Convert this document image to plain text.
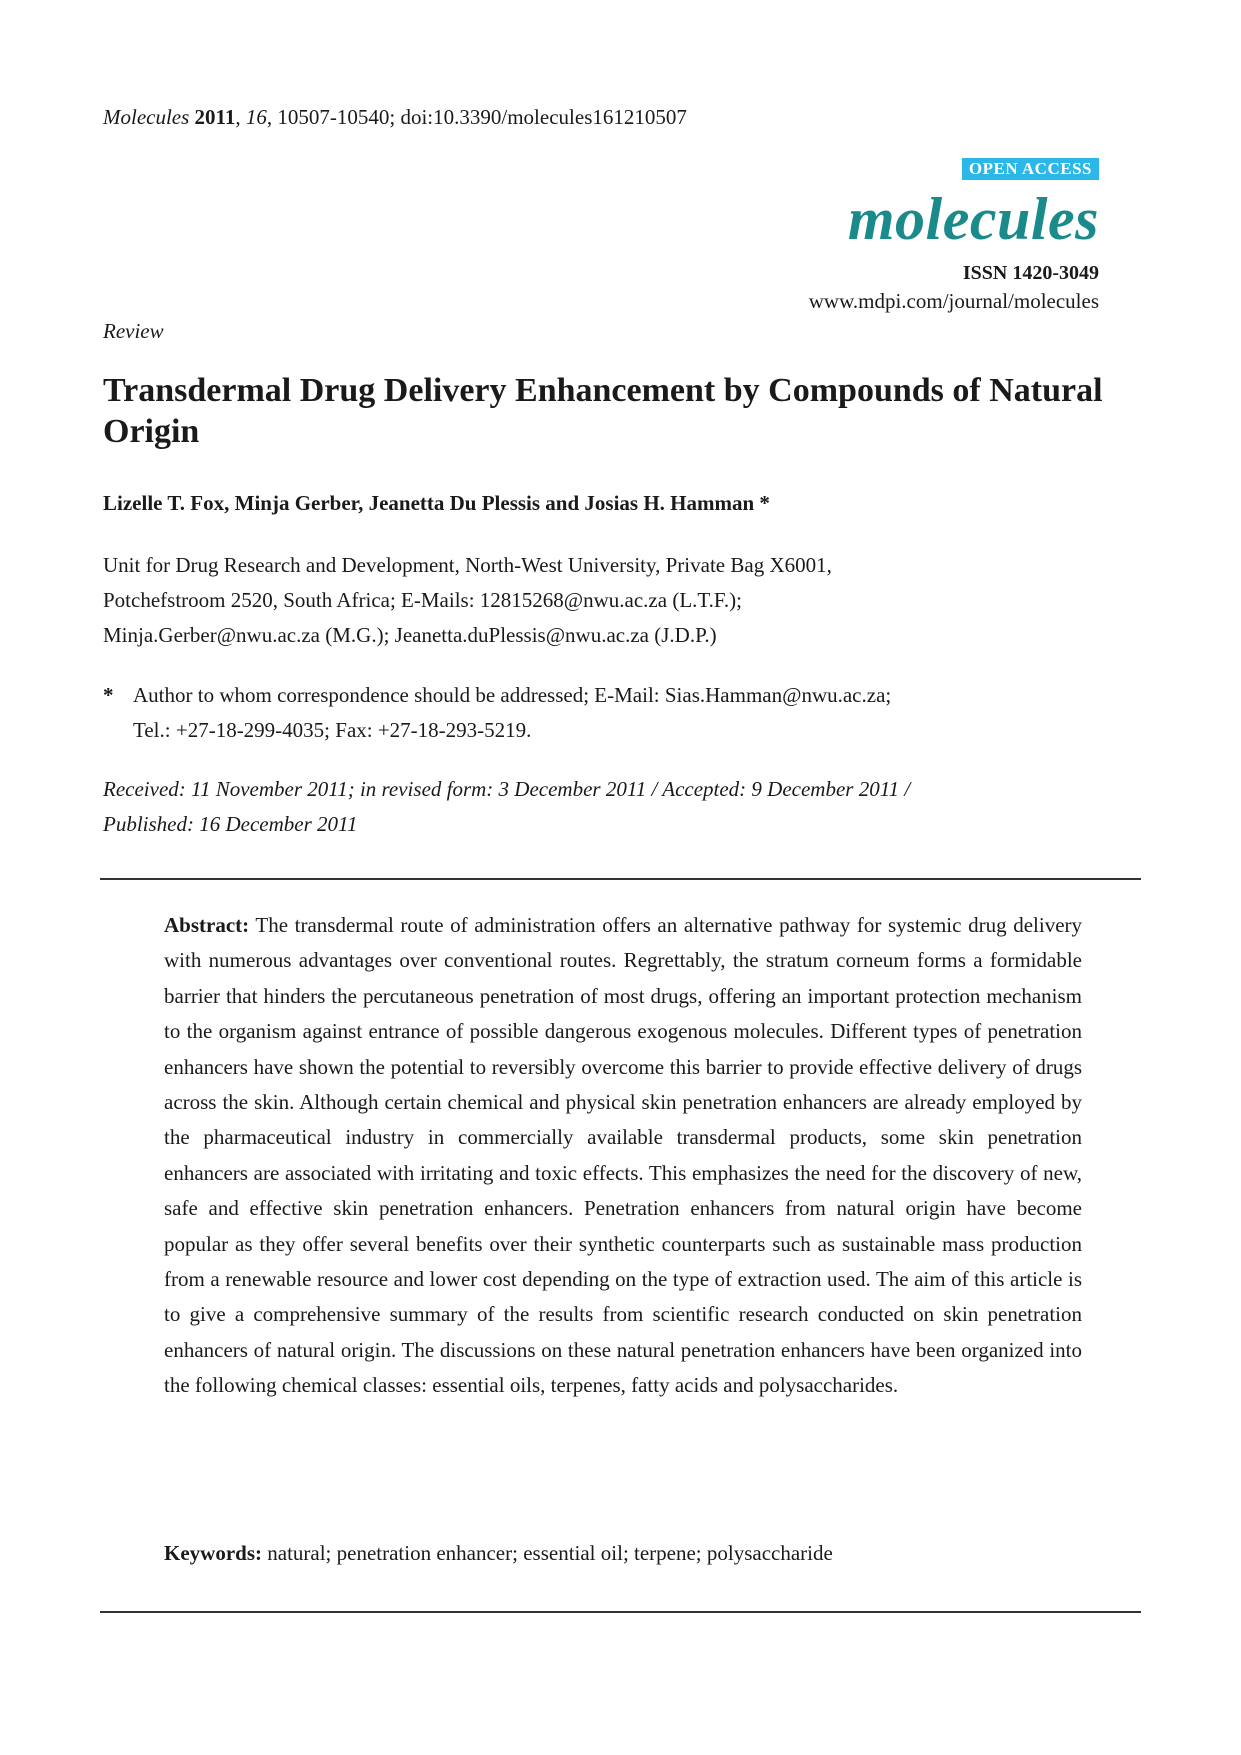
Molecules 2011, 16, 10507-10540; doi:10.3390/molecules161210507
OPEN ACCESS
molecules
ISSN 1420-3049
www.mdpi.com/journal/molecules
Review
Transdermal Drug Delivery Enhancement by Compounds of Natural Origin
Lizelle T. Fox, Minja Gerber, Jeanetta Du Plessis and Josias H. Hamman *
Unit for Drug Research and Development, North-West University, Private Bag X6001,
Potchefstroom 2520, South Africa; E-Mails: 12815268@nwu.ac.za (L.T.F.);
Minja.Gerber@nwu.ac.za (M.G.); Jeanetta.duPlessis@nwu.ac.za (J.D.P.)
* Author to whom correspondence should be addressed; E-Mail: Sias.Hamman@nwu.ac.za;
Tel.: +27-18-299-4035; Fax: +27-18-293-5219.
Received: 11 November 2011; in revised form: 3 December 2011 / Accepted: 9 December 2011 /
Published: 16 December 2011

Abstract: The transdermal route of administration offers an alternative pathway for systemic drug delivery with numerous advantages over conventional routes. Regrettably, the stratum corneum forms a formidable barrier that hinders the percutaneous penetration of most drugs, offering an important protection mechanism to the organism against entrance of possible dangerous exogenous molecules. Different types of penetration enhancers have shown the potential to reversibly overcome this barrier to provide effective delivery of drugs across the skin. Although certain chemical and physical skin penetration enhancers are already employed by the pharmaceutical industry in commercially available transdermal products, some skin penetration enhancers are associated with irritating and toxic effects. This emphasizes the need for the discovery of new, safe and effective skin penetration enhancers. Penetration enhancers from natural origin have become popular as they offer several benefits over their synthetic counterparts such as sustainable mass production from a renewable resource and lower cost depending on the type of extraction used. The aim of this article is to give a comprehensive summary of the results from scientific research conducted on skin penetration enhancers of natural origin. The discussions on these natural penetration enhancers have been organized into the following chemical classes: essential oils, terpenes, fatty acids and polysaccharides.

Keywords: natural; penetration enhancer; essential oil; terpene; polysaccharide
